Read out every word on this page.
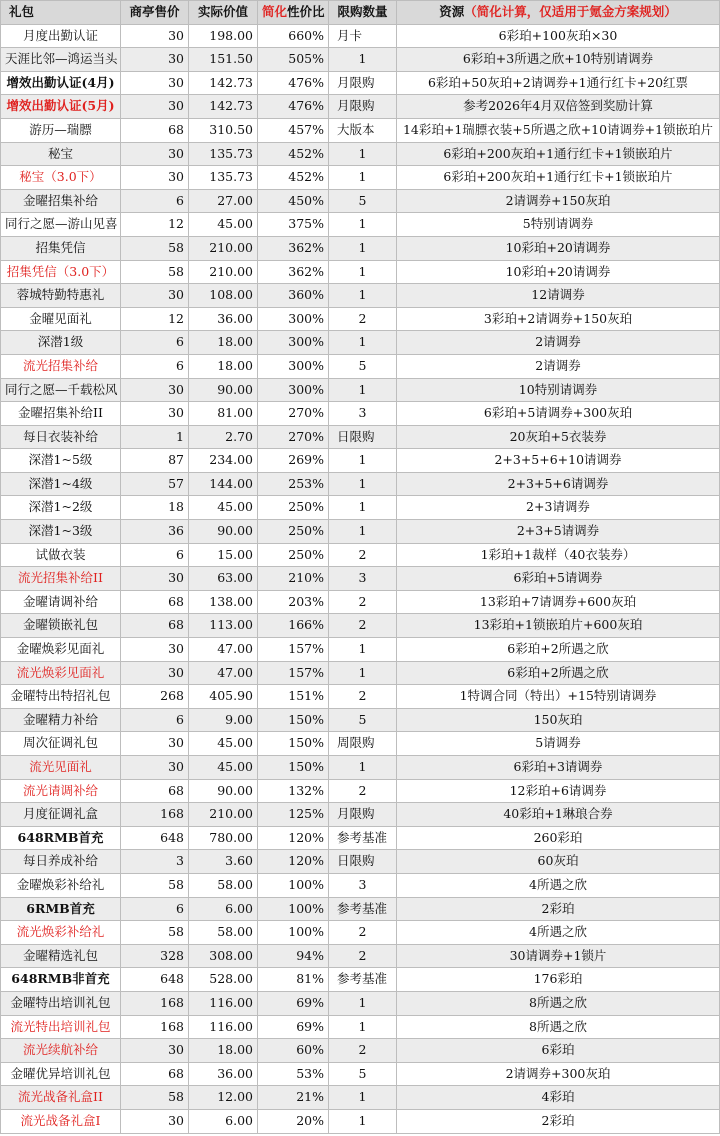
礼包	商亭售价	实际价值	简化性价比	限购数量	资源（简化计算，仅适用于氪金方案规划）
月度出勤认证	30	198.00	660%	月卡	6彩珀+100灰珀×30
天涯比邻—鸿运当头	30	151.50	505%	1	6彩珀+3所遇之欣+10特别请调券
增效出勤认证(4月)	30	142.73	476%	月限购	6彩珀+50灰珀+2请调券+1通行红卡+20红票
增效出勤认证(5月)	30	142.73	476%	月限购	参考2026年4月双倍签到奖励计算
游历—瑞膘	68	310.50	457%	大版本	14彩珀+1瑞膘衣装+5所遇之欣+10请调券+1锁嵌珀片
秘宝	30	135.73	452%	1	6彩珀+200灰珀+1通行红卡+1锁嵌珀片
秘宝（3.0下）	30	135.73	452%	1	6彩珀+200灰珀+1通行红卡+1锁嵌珀片
金曜招集补给	6	27.00	450%	5	2请调券+150灰珀
同行之愿—游山见喜	12	45.00	375%	1	5特别请调券
招集凭信	58	210.00	362%	1	10彩珀+20请调券
招集凭信（3.0下）	58	210.00	362%	1	10彩珀+20请调券
蓉城特勤特惠礼	30	108.00	360%	1	12请调券
金曜见面礼	12	36.00	300%	2	3彩珀+2请调券+150灰珀
深潜1级	6	18.00	300%	1	2请调券
流光招集补给	6	18.00	300%	5	2请调券
同行之愿—千载松风	30	90.00	300%	1	10特别请调券
金曜招集补给II	30	81.00	270%	3	6彩珀+5请调券+300灰珀
每日衣装补给	1	2.70	270%	日限购	20灰珀+5衣装券
深潜1~5级	87	234.00	269%	1	2+3+5+6+10请调券
深潜1~4级	57	144.00	253%	1	2+3+5+6请调券
深潜1~2级	18	45.00	250%	1	2+3请调券
深潜1~3级	36	90.00	250%	1	2+3+5请调券
试做衣装	6	15.00	250%	2	1彩珀+1裁样（40衣装券）
流光招集补给II	30	63.00	210%	3	6彩珀+5请调券
金曜请调补给	68	138.00	203%	2	13彩珀+7请调券+600灰珀
金曜锁嵌礼包	68	113.00	166%	2	13彩珀+1锁嵌珀片+600灰珀
金曜焕彩见面礼	30	47.00	157%	1	6彩珀+2所遇之欣
流光焕彩见面礼	30	47.00	157%	1	6彩珀+2所遇之欣
金曜特出特招礼包	268	405.90	151%	2	1特调合同（特出）+15特别请调券
金曜精力补给	6	9.00	150%	5	150灰珀
周次征调礼包	30	45.00	150%	周限购	5请调券
流光见面礼	30	45.00	150%	1	6彩珀+3请调券
流光请调补给	68	90.00	132%	2	12彩珀+6请调券
月度征调礼盒	168	210.00	125%	月限购	40彩珀+1琳琅合券
648RMB首充	648	780.00	120%	参考基准	260彩珀
每日养成补给	3	3.60	120%	日限购	60灰珀
金曜焕彩补给礼	58	58.00	100%	3	4所遇之欣
6RMB首充	6	6.00	100%	参考基准	2彩珀
流光焕彩补给礼	58	58.00	100%	2	4所遇之欣
金曜精选礼包	328	308.00	94%	2	30请调券+1锁片
648RMB非首充	648	528.00	81%	参考基准	176彩珀
金曜特出培训礼包	168	116.00	69%	1	8所遇之欣
流光特出培训礼包	168	116.00	69%	1	8所遇之欣
流光续航补给	30	18.00	60%	2	6彩珀
金曜优异培训礼包	68	36.00	53%	5	2请调券+300灰珀
流光战备礼盒II	58	12.00	21%	1	4彩珀
流光战备礼盒I	30	6.00	20%	1	2彩珀
